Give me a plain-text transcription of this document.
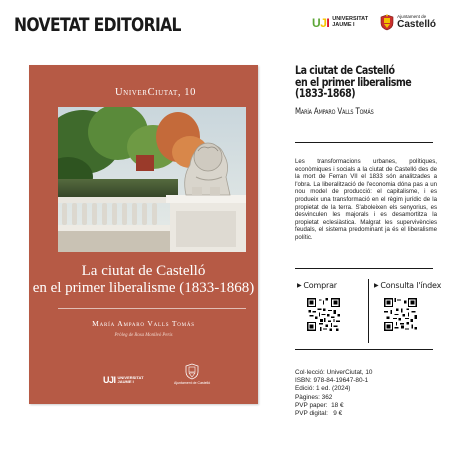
NOVETAT EDITORIAL	UJI UNIVERSITAT
JAUME I
Ajuntament de
Castelló
UniverCiutat, 10
La ciutat de Castelló
en el primer liberalisme (1833-1868)
María Amparo Valls Tomás
Pròleg de Rosa Monlleó Peris
UJI UNIVERSITAT
JAUME I	Ajuntament de Castelló
La ciutat de Castelló
en el primer liberalisme
(1833-1868)
María Amparo Valls Tomás
Les transformacions urbanes, polítiques, econòmiques i socials a la ciutat de Castelló des de la mort de Ferran VII el 1833 són analitzades a l'obra. La liberalització de l'economia dóna pas a un nou model de producció: el capitalisme, i es produeix una transformació en el règim jurídic de la propietat de la terra. S'aboleixen els senyorius, es desvinculen les majorals i es desamortitza la propietat eclesiàstica. Malgrat les supervivències feudals, el sistema predominant ja és el liberalisme polític.
▶ Comprar	▶ Consulta l'índex
Col·lecció: UniverCiutat, 10
ISBN: 978-84-19647-80-1
Edició: 1 ed. (2024)
Pàgines: 362
PVP paper:  18 €
PVP digital:   9 €
